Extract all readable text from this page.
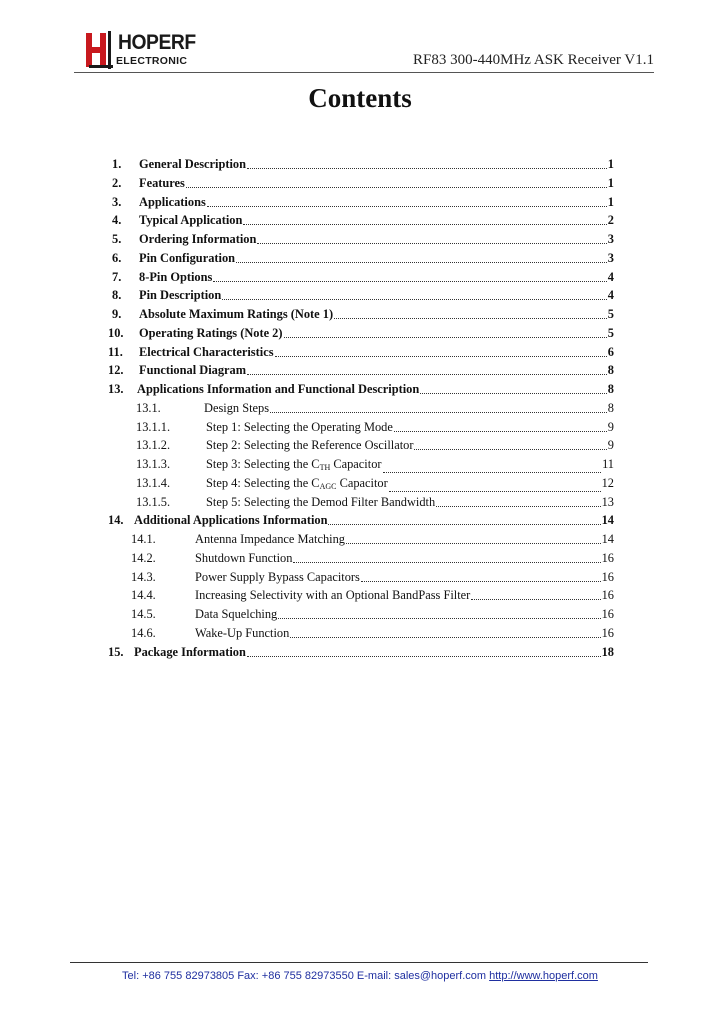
HOPERF
ELECTRONIC	RF83 300-440MHz ASK Receiver V1.1
Contents
1. General Description	1
2. Features	1
3. Applications	1
4. Typical Application	2
5. Ordering Information	3
6. Pin Configuration	3
7. 8-Pin Options	4
8. Pin Description	4
9. Absolute Maximum Ratings (Note 1)	5
10. Operating Ratings (Note 2)	5
11. Electrical Characteristics	6
12. Functional Diagram	8
13. Applications Information and Functional Description	8
13.1.	Design Steps	8
13.1.1.	Step 1: Selecting the Operating Mode	9
13.1.2.	Step 2: Selecting the Reference Oscillator	9
13.1.3.	Step 3: Selecting the $C_{TH}$ Capacitor	11
13.1.4.	Step 4: Selecting the $C_{AGC}$ Capacitor	12
13.1.5.	Step 5: Selecting the Demod Filter Bandwidth	13
14. Additional Applications Information	14
14.1.	Antenna Impedance Matching	14
14.2.	Shutdown Function	16
14.3.	Power Supply Bypass Capacitors	16
14.4.	Increasing Selectivity with an Optional BandPass Filter	16
14.5.	Data Squelching	16
14.6.	Wake-Up Function	16
15. Package Information	18
Tel: +86 755 82973805 Fax: +86 755 82973550 E-mail: sales@hoperf.com http://www.hoperf.com
